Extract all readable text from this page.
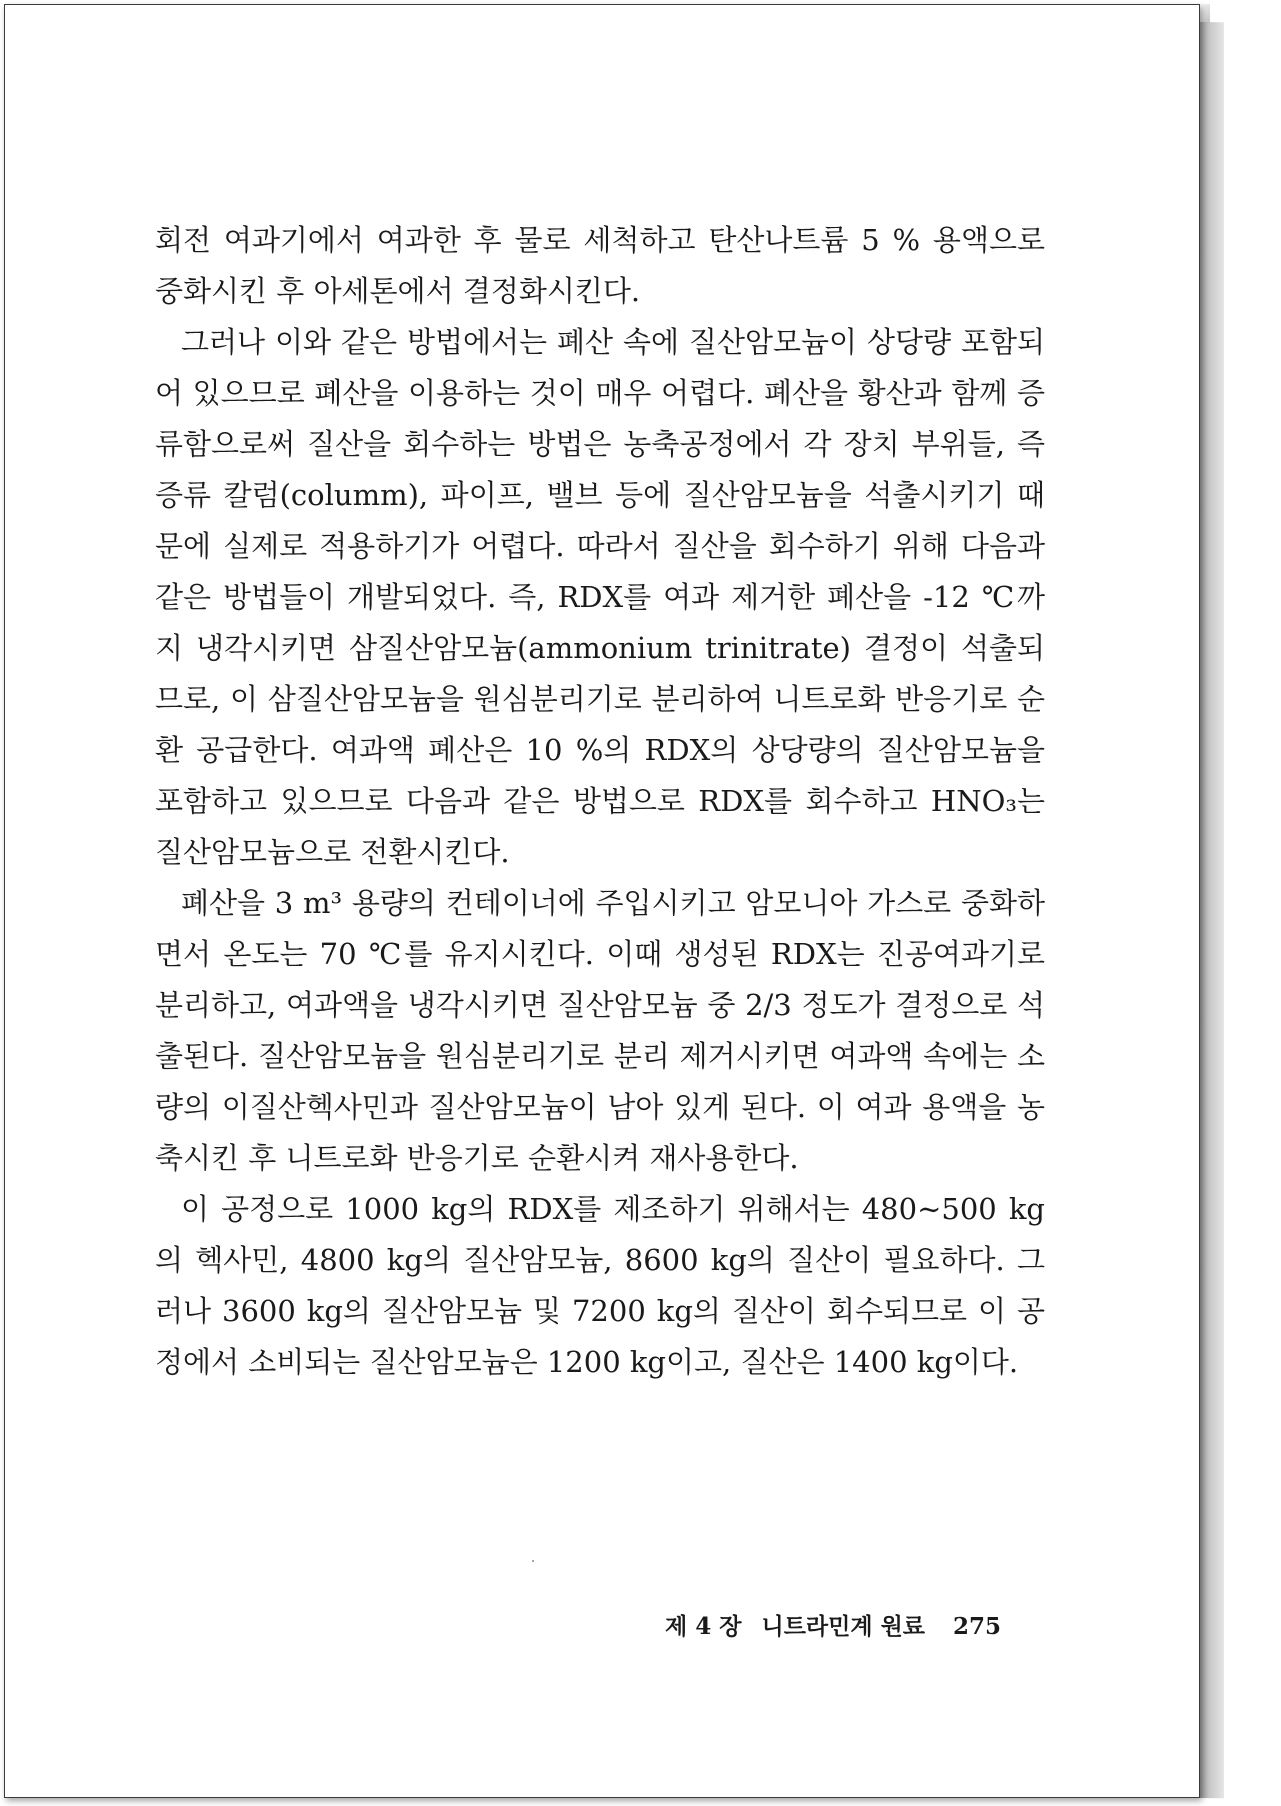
회전 여과기에서 여과한 후 물로 세척하고 탄산나트륨 5 % 용액으로 중화시킨 후 아세톤에서 결정화시킨다.

그러나 이와 같은 방법에서는 폐산 속에 질산암모늄이 상당량 포함되어 있으므로 폐산을 이용하는 것이 매우 어렵다. 폐산을 황산과 함께 증류함으로써 질산을 회수하는 방법은 농축공정에서 각 장치 부위들, 즉 증류 칼럼(columm), 파이프, 밸브 등에 질산암모늄을 석출시키기 때문에 실제로 적용하기가 어렵다. 따라서 질산을 회수하기 위해 다음과 같은 방법들이 개발되었다. 즉, RDX를 여과 제거한 폐산을 -12 ℃까지 냉각시키면 삼질산암모늄(ammonium trinitrate) 결정이 석출되므로, 이 삼질산암모늄을 원심분리기로 분리하여 니트로화 반응기로 순환 공급한다. 여과액 폐산은 10 %의 RDX의 상당량의 질산암모늄을 포함하고 있으므로 다음과 같은 방법으로 RDX를 회수하고 HNO₃는 질산암모늄으로 전환시킨다.

폐산을 3 m³ 용량의 컨테이너에 주입시키고 암모니아 가스로 중화하면서 온도는 70 ℃를 유지시킨다. 이때 생성된 RDX는 진공여과기로 분리하고, 여과액을 냉각시키면 질산암모늄 중 2/3 정도가 결정으로 석출된다. 질산암모늄을 원심분리기로 분리 제거시키면 여과액 속에는 소량의 이질산헥사민과 질산암모늄이 남아 있게 된다. 이 여과 용액을 농축시킨 후 니트로화 반응기로 순환시켜 재사용한다.

이 공정으로 1000 kg의 RDX를 제조하기 위해서는 480∼500 kg의 헥사민, 4800 kg의 질산암모늄, 8600 kg의 질산이 필요하다. 그러나 3600 kg의 질산암모늄 및 7200 kg의 질산이 회수되므로 이 공정에서 소비되는 질산암모늄은 1200 kg이고, 질산은 1400 kg이다.

제 4 장 니트라민계 원료 275
